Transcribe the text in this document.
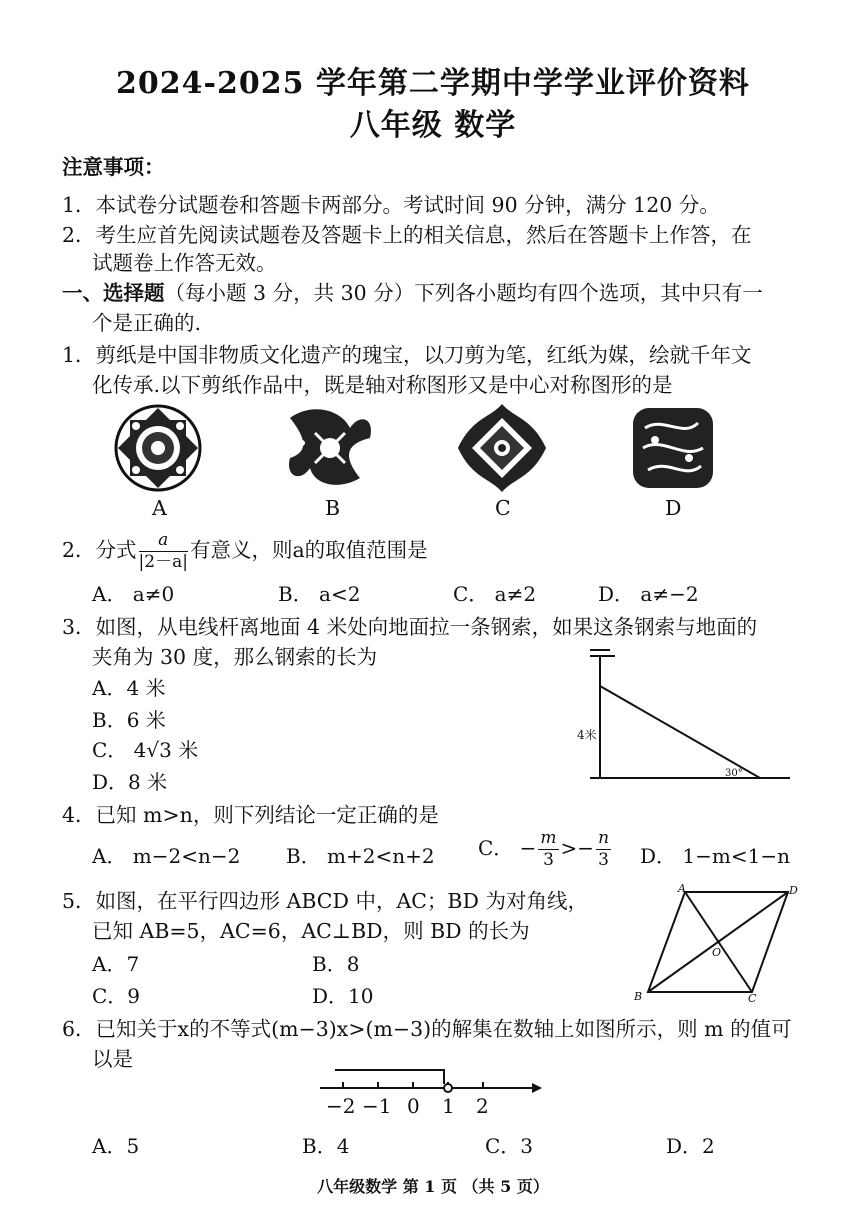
2024-2025 学年第二学期中学学业评价资料
八年级 数学
注意事项：
1．本试卷分试题卷和答题卡两部分。考试时间 90 分钟，满分 120 分。
2．考生应首先阅读试题卷及答题卡上的相关信息，然后在答题卡上作答，在
试题卷上作答无效。
一、选择题（每小题 3 分，共 30 分）下列各小题均有四个选项，其中只有一
个是正确的.
1．剪纸是中国非物质文化遗产的瑰宝，以刀剪为笔，红纸为媒，绘就千年文
化传承.以下剪纸作品中，既是轴对称图形又是中心对称图形的是
A	B	C	D
2．分式 $\frac{a}{|2-a|}$ 有意义，则a的取值范围是
A． a≠0	B． a<2	C． a≠2	D． a≠−2
3．如图，从电线杆离地面 4 米处向地面拉一条钢索，如果这条钢索与地面的
夹角为 30 度，那么钢索的长为
A．4 米
B．6 米
C． 4√3 米
D．8 米
4米
30°
4．已知 m>n，则下列结论一定正确的是
A． m−2<n−2 B． m+2<n+2 C． − $\frac{m}{3} >- \frac{n}{3}$ D． 1−m<1−n
5．如图，在平行四边形 ABCD 中，AC；BD 为对角线，
已知 AB=5，AC=6，AC⊥BD，则 BD 的长为
A．7	B．8
C．9	D．10
A	D
O
B	C
6．已知关于x的不等式(m−3)x>(m−3)的解集在数轴上如图所示，则 m 的值可
以是
−2 −1 0 1 2
A．5	B．4	C．3	D．2
八年级数学 第 1 页 （共 5 页）
